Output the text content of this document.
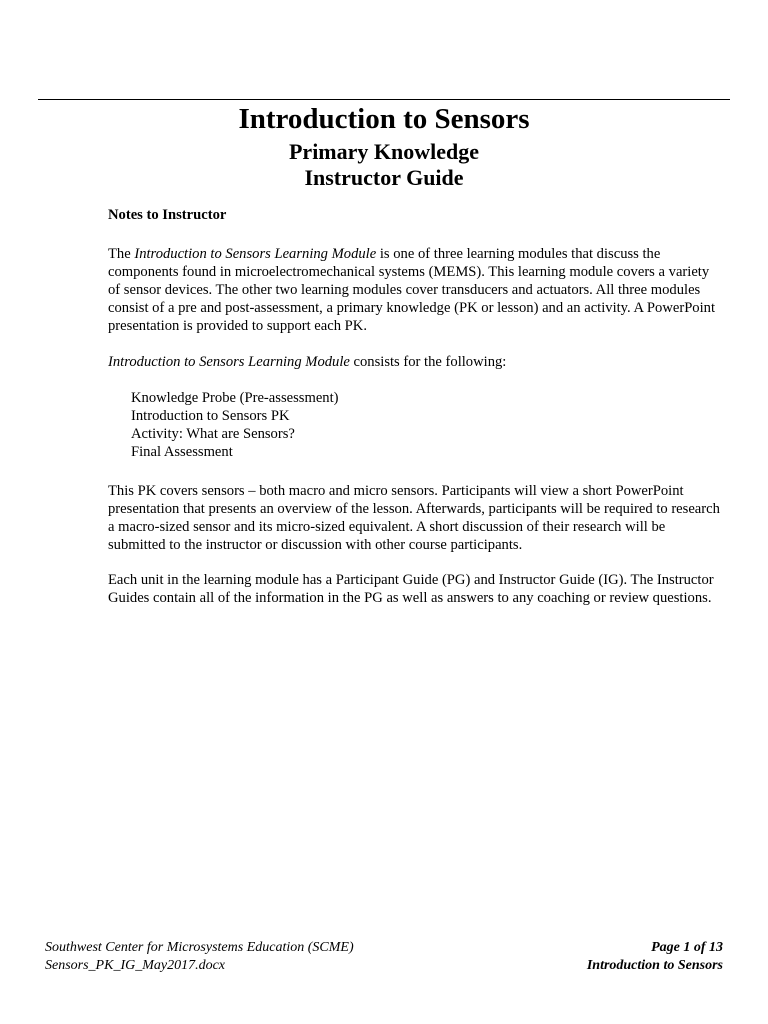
Introduction to Sensors
Primary Knowledge
Instructor Guide

Notes to Instructor

The Introduction to Sensors Learning Module is one of three learning modules that discuss the components found in microelectromechanical systems (MEMS). This learning module covers a variety of sensor devices. The other two learning modules cover transducers and actuators. All three modules consist of a pre and post-assessment, a primary knowledge (PK or lesson) and an activity. A PowerPoint presentation is provided to support each PK.

Introduction to Sensors Learning Module consists for the following:

Knowledge Probe (Pre-assessment)
Introduction to Sensors PK
Activity: What are Sensors?
Final Assessment

This PK covers sensors – both macro and micro sensors. Participants will view a short PowerPoint presentation that presents an overview of the lesson. Afterwards, participants will be required to research a macro-sized sensor and its micro-sized equivalent. A short discussion of their research will be submitted to the instructor or discussion with other course participants.

Each unit in the learning module has a Participant Guide (PG) and Instructor Guide (IG). The Instructor Guides contain all of the information in the PG as well as answers to any coaching or review questions.

Southwest Center for Microsystems Education (SCME)
Sensors_PK_IG_May2017.docx
Page 1 of 13
Introduction to Sensors
